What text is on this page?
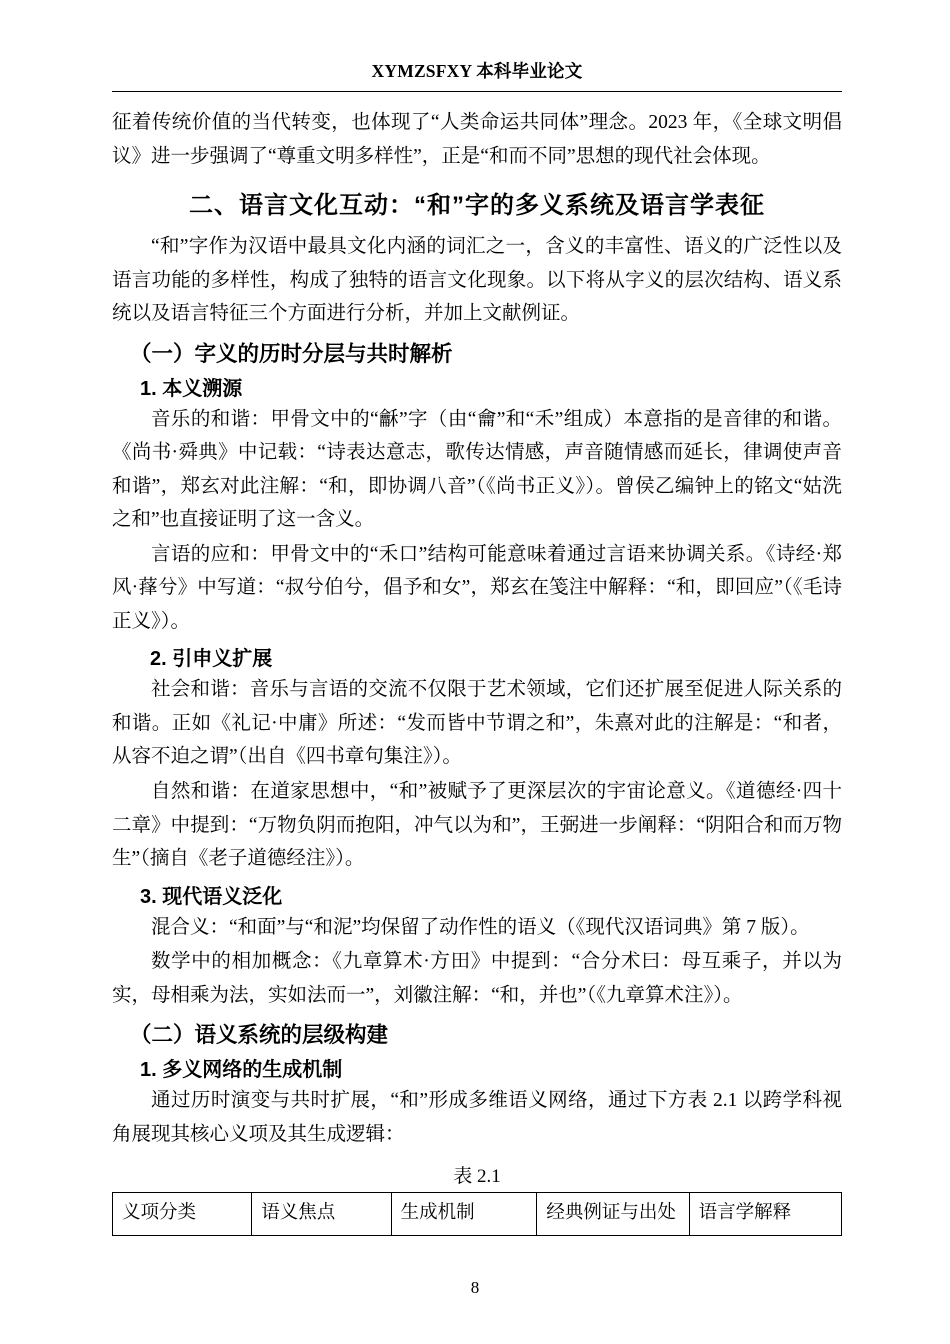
XYMZSFXY 本科毕业论文

征着传统价值的当代转变，也体现了“人类命运共同体”理念。2023 年，《全球文明倡议》进一步强调了“尊重文明多样性”，正是“和而不同”思想的现代社会体现。

二、语言文化互动：“和”字的多义系统及语言学表征

“和”字作为汉语中最具文化内涵的词汇之一，含义的丰富性、语义的广泛性以及语言功能的多样性，构成了独特的语言文化现象。以下将从字义的层次结构、语义系统以及语言特征三个方面进行分析，并加上文献例证。

（一）字义的历时分层与共时解析
1. 本义溯源

音乐的和谐：甲骨文中的“龢”字（由“龠”和“禾”组成）本意指的是音律的和谐。《尚书·舜典》中记载：“诗表达意志，歌传达情感，声音随情感而延长，律调使声音和谐”，郑玄对此注解：“和，即协调八音”（《尚书正义》）。曾侯乙编钟上的铭文“姑洗之和”也直接证明了这一含义。

言语的应和：甲骨文中的“禾口”结构可能意味着通过言语来协调关系。《诗经·郑风·萚兮》中写道：“叔兮伯兮，倡予和女”，郑玄在笺注中解释：“和，即回应”（《毛诗正义》）。

2. 引申义扩展

社会和谐：音乐与言语的交流不仅限于艺术领域，它们还扩展至促进人际关系的和谐。正如《礼记·中庸》所述：“发而皆中节谓之和”，朱熹对此的注解是：“和者，从容不迫之谓”（出自《四书章句集注》）。

自然和谐：在道家思想中，“和”被赋予了更深层次的宇宙论意义。《道德经·四十二章》中提到：“万物负阴而抱阳，冲气以为和”，王弼进一步阐释：“阴阳合和而万物生”（摘自《老子道德经注》）。

3. 现代语义泛化

混合义：“和面”与“和泥”均保留了动作性的语义（《现代汉语词典》第 7 版）。

数学中的相加概念：《九章算术·方田》中提到：“合分术曰：母互乘子，并以为实，母相乘为法，实如法而一”，刘徽注解：“和，并也”（《九章算术注》）。

（二）语义系统的层级构建
1. 多义网络的生成机制

通过历时演变与共时扩展，“和”形成多维语义网络，通过下方表 2.1 以跨学科视角展现其核心义项及其生成逻辑：

表 2.1
义项分类	语义焦点	生成机制	经典例证与出处	语言学解释
8
